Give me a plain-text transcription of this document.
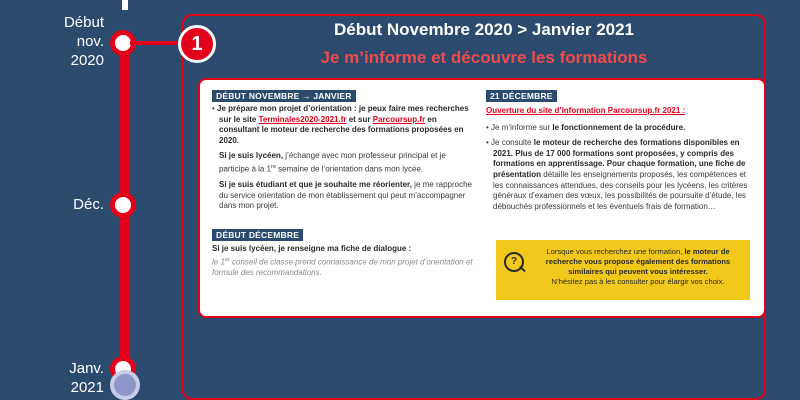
Début
nov.
2020
Déc.
Janv.
2021
1
Début Novembre 2020 > Janvier 2021
Je m’informe et découvre les formations
DÉBUT NOVEMBRE → JANVIER

• Je prépare mon projet d’orientation : je peux faire mes recherches sur le site Terminales2020-2021.fr et sur Parcoursup.fr en consultant le moteur de recherche des formations proposées en 2020.

Si je suis lycéen, j’échange avec mon professeur principal et je participe à la 1re semaine de l’orientation dans mon lycée.

Si je suis étudiant et que je souhaite me réorienter, je me rapproche du service orientation de mon établissement qui peut m’accompagner dans mon projet.

DÉBUT DÉCEMBRE

Si je suis lycéen, je renseigne ma fiche de dialogue :

le 1er conseil de classe prend connaissance de mon projet d’orientation et formule des recommandations.

21 DÉCEMBRE

Ouverture du site d’information Parcoursup.fr 2021 :

• Je m’informe sur le fonctionnement de la procédure.

• Je consulte le moteur de recherche des formations disponibles en 2021. Plus de 17 000 formations sont proposées, y compris des formations en apprentissage. Pour chaque formation, une fiche de présentation détaille les enseignements proposés, les compétences et les connaissances attendues, des conseils pour les lycéens, les critères généraux d’examen des vœux, les possibilités de poursuite d’étude, les débouchés professionnels et les éventuels frais de formation…

?
Lorsque vous recherchez une formation, le moteur de recherche vous propose également des formations similaires qui peuvent vous intéresser.
N’hésitez pas à les consulter pour élargir vos choix.
